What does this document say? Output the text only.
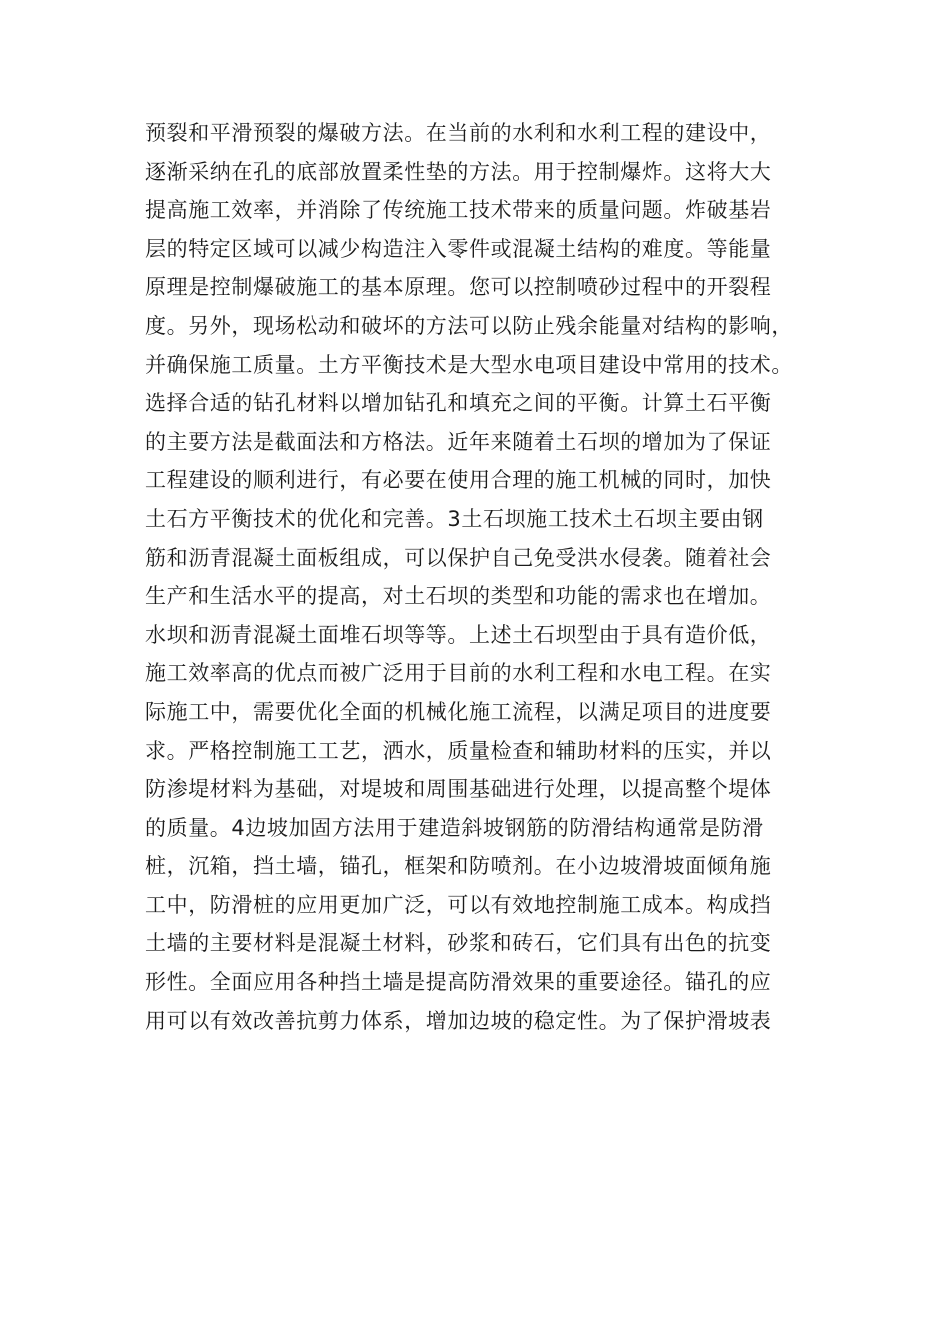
预裂和平滑预裂的爆破方法。在当前的水利和水利工程的建设中，
逐渐采纳在孔的底部放置柔性垫的方法。用于控制爆炸。这将大大
提高施工效率，并消除了传统施工技术带来的质量问题。炸破基岩
层的特定区域可以减少构造注入零件或混凝土结构的难度。等能量
原理是控制爆破施工的基本原理。您可以控制喷砂过程中的开裂程
度。另外，现场松动和破坏的方法可以防止残余能量对结构的影响，
并确保施工质量。土方平衡技术是大型水电项目建设中常用的技术。
选择合适的钻孔材料以增加钻孔和填充之间的平衡。计算土石平衡
的主要方法是截面法和方格法。近年来随着土石坝的增加为了保证
工程建设的顺利进行，有必要在使用合理的施工机械的同时，加快
土石方平衡技术的优化和完善。3土石坝施工技术土石坝主要由钢
筋和沥青混凝土面板组成，可以保护自己免受洪水侵袭。随着社会
生产和生活水平的提高，对土石坝的类型和功能的需求也在增加。
水坝和沥青混凝土面堆石坝等等。上述土石坝型由于具有造价低，
施工效率高的优点而被广泛用于目前的水利工程和水电工程。在实
际施工中，需要优化全面的机械化施工流程，以满足项目的进度要
求。严格控制施工工艺，洒水，质量检查和辅助材料的压实，并以
防渗堤材料为基础，对堤坡和周围基础进行处理，以提高整个堤体
的质量。4边坡加固方法用于建造斜坡钢筋的防滑结构通常是防滑
桩，沉箱，挡土墙，锚孔，框架和防喷剂。在小边坡滑坡面倾角施
工中，防滑桩的应用更加广泛，可以有效地控制施工成本。构成挡
土墙的主要材料是混凝土材料，砂浆和砖石，它们具有出色的抗变
形性。全面应用各种挡土墙是提高防滑效果的重要途径。锚孔的应
用可以有效改善抗剪力体系，增加边坡的稳定性。为了保护滑坡表
